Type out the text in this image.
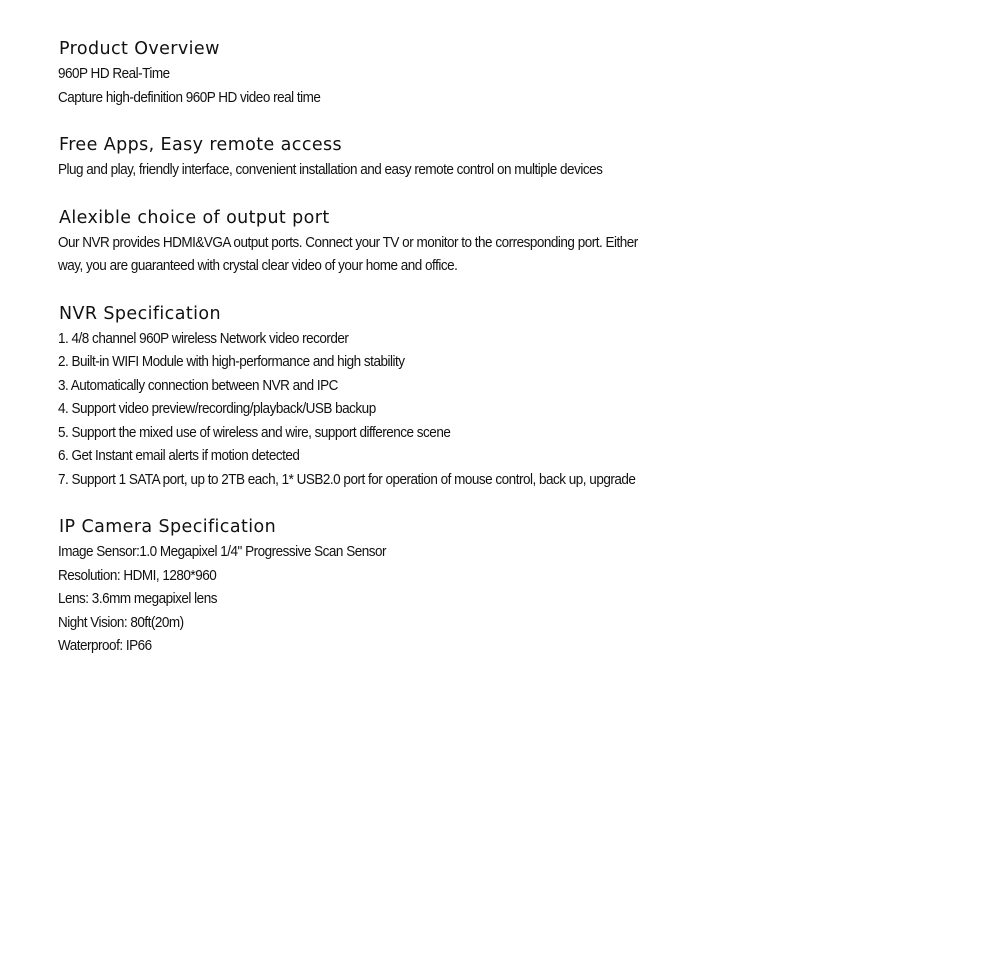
Product Overview
960P HD Real-Time
Capture high-definition 960P HD video real time
Free Apps, Easy remote access
Plug and play, friendly interface, convenient installation and easy remote control on multiple devices
Alexible choice of output port
Our NVR provides HDMI&VGA output ports. Connect your TV or monitor to the corresponding port. Either
way, you are guaranteed with crystal clear video of your home and office.
NVR Specification
1. 4/8 channel 960P wireless Network video recorder
2. Built-in WIFI Module with high-performance and high stability
3. Automatically connection between NVR and IPC
4. Support video preview/recording/playback/USB backup
5. Support the mixed use of wireless and wire, support difference scene
6. Get Instant email alerts if motion detected
7. Support 1 SATA port, up to 2TB each, 1* USB2.0 port for operation of mouse control, back up, upgrade
IP Camera Specification
Image Sensor:1.0 Megapixel 1/4" Progressive Scan Sensor
Resolution: HDMI, 1280*960
Lens: 3.6mm megapixel lens
Night Vision: 80ft(20m)
Waterproof: IP66
